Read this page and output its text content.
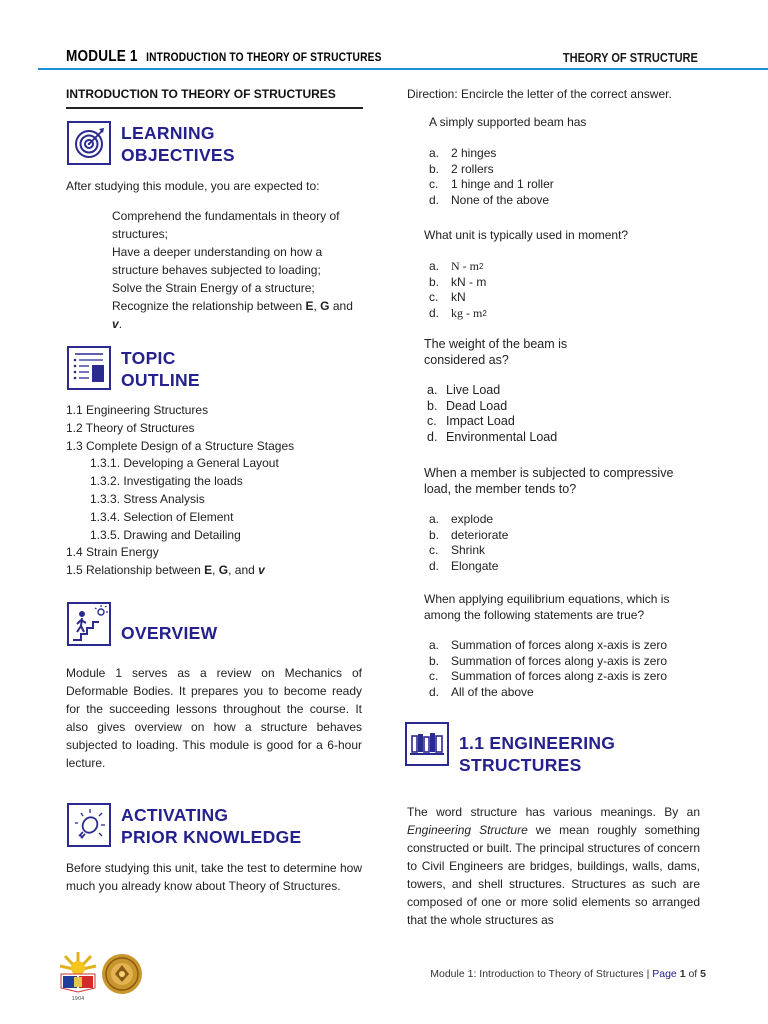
MODULE 1 INTRODUCTION TO THEORY OF STRUCTURES	THEORY OF STRUCTURE
INTRODUCTION TO THEORY OF STRUCTURES
LEARNING
OBJECTIVES
After studying this module, you are expected to:
Comprehend the fundamentals in theory of
structures;
Have a deeper understanding on how a
structure behaves subjected to loading;
Solve the Strain Energy of a structure;
Recognize the relationship between E, G and
v.
TOPIC
OUTLINE
1.1 Engineering Structures
1.2 Theory of Structures
1.3 Complete Design of a Structure Stages
1.3.1. Developing a General Layout
1.3.2. Investigating the loads
1.3.3. Stress Analysis
1.3.4. Selection of Element
1.3.5. Drawing and Detailing
1.4 Strain Energy
1.5 Relationship between E, G, and v
OVERVIEW
Module 1 serves as a review on Mechanics of Deformable Bodies. It prepares you to become ready for the succeeding lessons throughout the course. It also gives overview on how a structure behaves subjected to loading. This module is good for a 6-hour lecture.
ACTIVATING
PRIOR KNOWLEDGE
Before studying this unit, take the test to determine how much you already know about Theory of Structures.
Direction: Encircle the letter of the correct answer.
A simply supported beam has
a. 2 hinges
b. 2 rollers
c.	1 hinge and 1 roller
d. None of the above
What unit is typically used in moment?
a. N - m 2
b. kN - m
c.	kN
d. kg - m 2
The weight of the beam is
considered as?
a. Live Load
b. Dead Load
c. Impact Load
d. Environmental Load
When a member is subjected to compressive
load, the member tends to?
a. explode
b. deteriorate
c.	Shrink
d. Elongate
When applying equilibrium equations, which is
among the following statements are true?
a. Summation of forces along x-axis is zero
b. Summation of forces along y-axis is zero
c.	Summation of forces along z-axis is zero
d. All of the above
1.1 ENGINEERING
STRUCTURES
The word structure has various meanings. By an Engineering Structure we mean roughly something constructed or built. The principal structures of concern to Civil Engineers are bridges, buildings, walls, dams, towers, and shell structures. Structures as such are composed of one or more solid elements so arranged that the whole structures as
1904
Module 1: Introduction to Theory of Structures | Page 1 of 5
